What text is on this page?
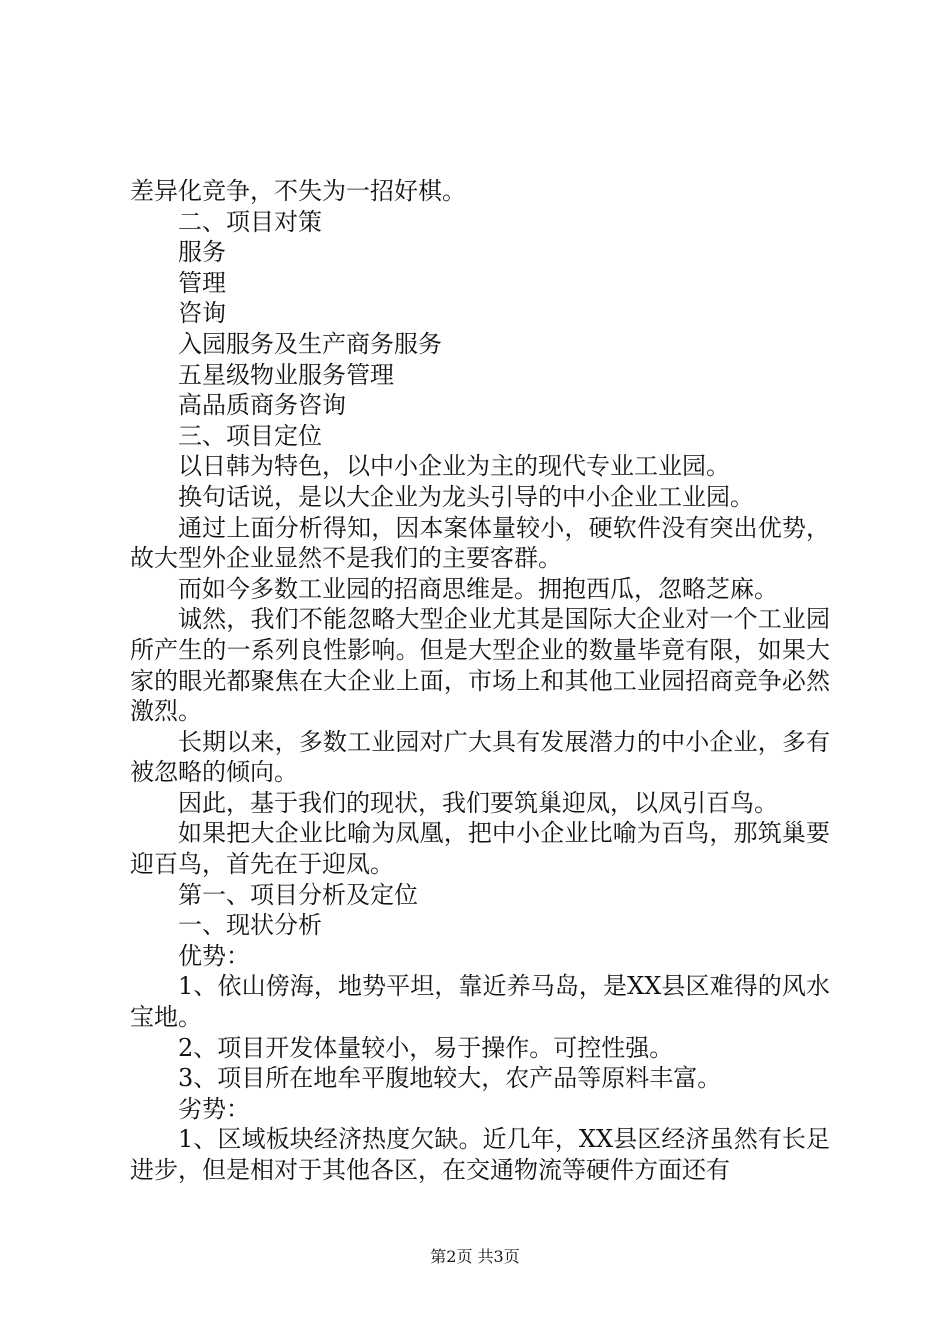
差异化竞争，不失为一招好棋。

二、项目对策

服务

管理

咨询

入园服务及生产商务服务

五星级物业服务管理

高品质商务咨询

三、项目定位

以日韩为特色，以中小企业为主的现代专业工业园。

换句话说，是以大企业为龙头引导的中小企业工业园。

通过上面分析得知，因本案体量较小，硬软件没有突出优势，故大型外企业显然不是我们的主要客群。

而如今多数工业园的招商思维是。拥抱西瓜，忽略芝麻。

诚然，我们不能忽略大型企业尤其是国际大企业对一个工业园所产生的一系列良性影响。但是大型企业的数量毕竟有限，如果大家的眼光都聚焦在大企业上面，市场上和其他工业园招商竞争必然激烈。

长期以来，多数工业园对广大具有发展潜力的中小企业，多有被忽略的倾向。

因此，基于我们的现状，我们要筑巢迎凤，以凤引百鸟。

如果把大企业比喻为凤凰，把中小企业比喻为百鸟，那筑巢要迎百鸟，首先在于迎凤。

第一、项目分析及定位

一、现状分析

优势：

1、依山傍海，地势平坦，靠近养马岛，是XX县区难得的风水宝地。

2、项目开发体量较小，易于操作。可控性强。

3、项目所在地牟平腹地较大，农产品等原料丰富。

劣势：

1、区域板块经济热度欠缺。近几年，XX县区经济虽然有长足进步，但是相对于其他各区，在交通物流等硬件方面还有

第2页 共3页
